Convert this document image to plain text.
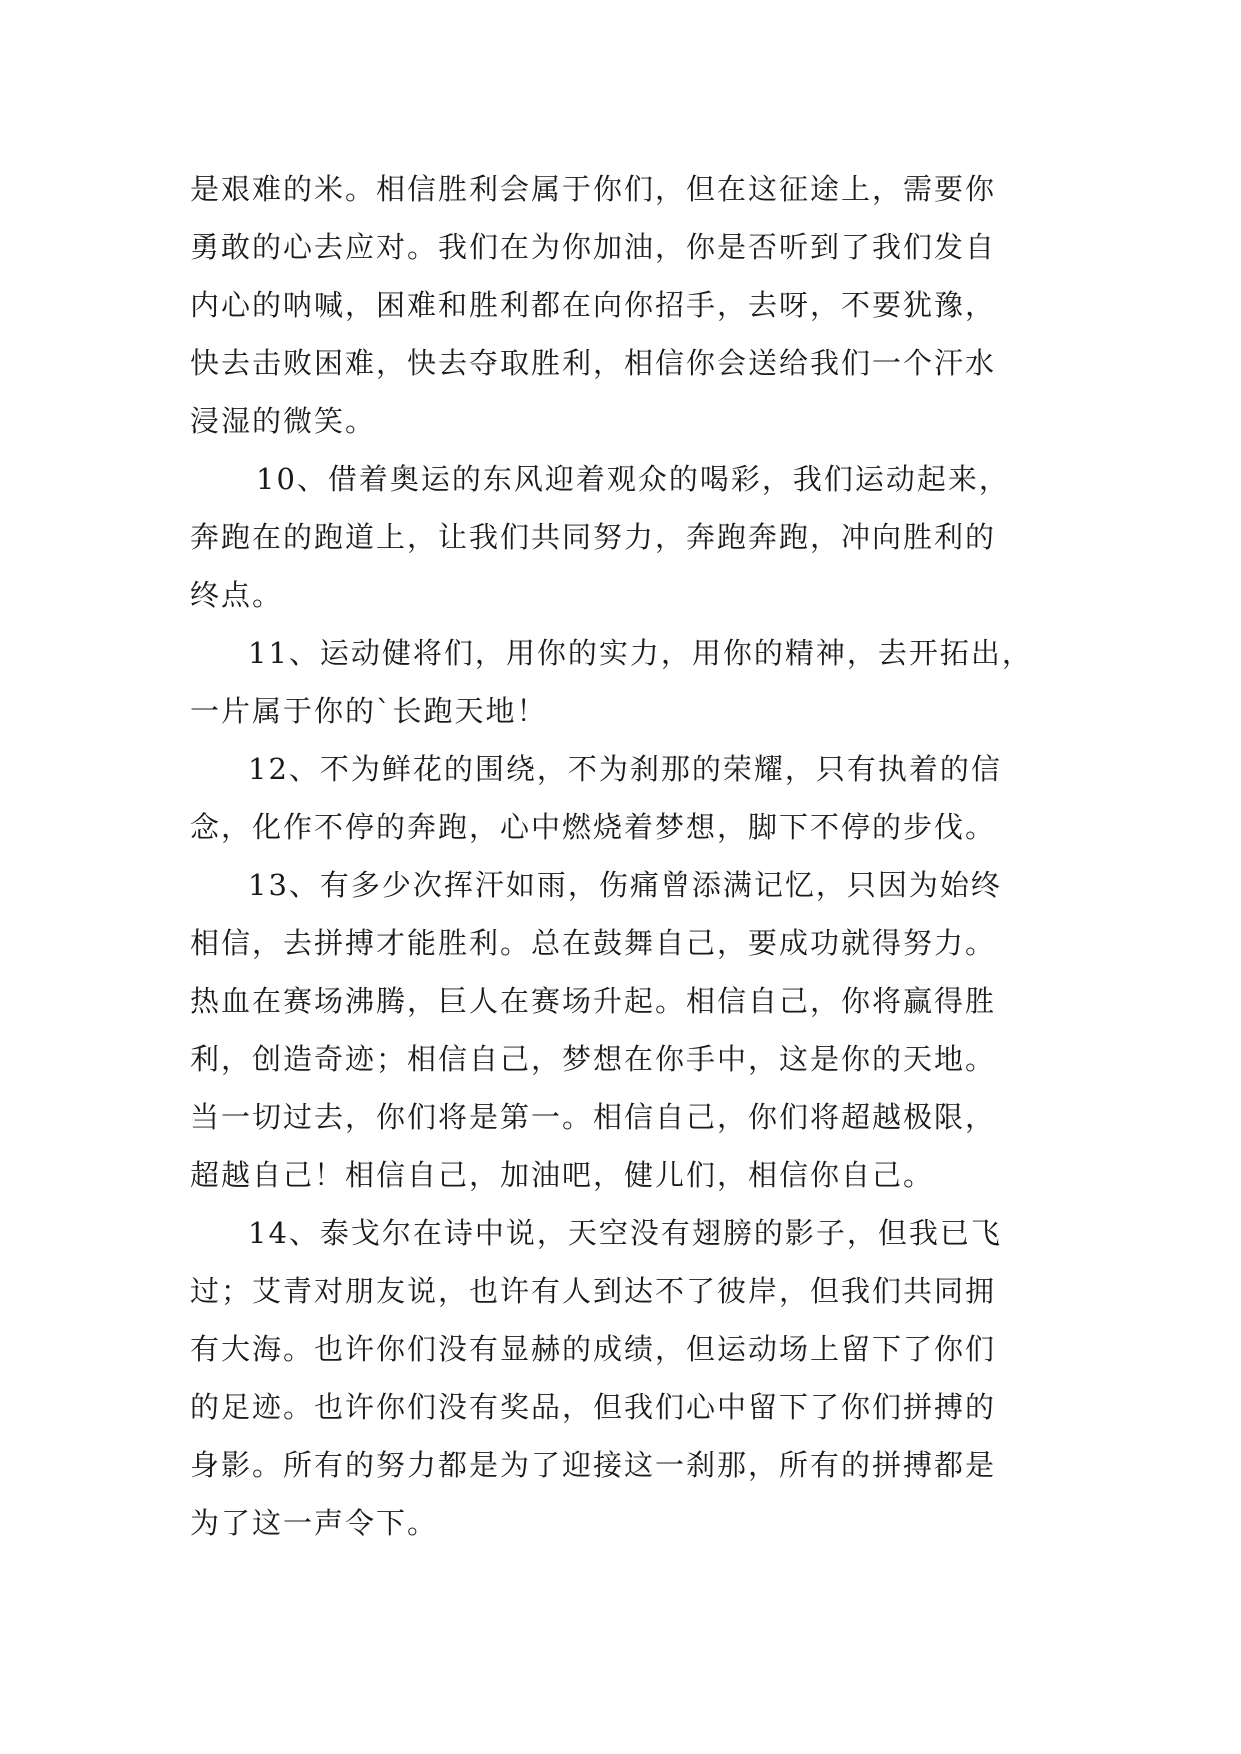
是艰难的米。相信胜利会属于你们，但在这征途上，需要你
勇敢的心去应对。我们在为你加油，你是否听到了我们发自
内心的呐喊，困难和胜利都在向你招手，去呀，不要犹豫，
快去击败困难，快去夺取胜利，相信你会送给我们一个汗水
浸湿的微笑。
10、借着奥运的东风迎着观众的喝彩，我们运动起来，
奔跑在的跑道上，让我们共同努力，奔跑奔跑，冲向胜利的
终点。
11、运动健将们，用你的实力，用你的精神，去开拓出，
一片属于你的`长跑天地！
12、不为鲜花的围绕，不为刹那的荣耀，只有执着的信
念，化作不停的奔跑，心中燃烧着梦想，脚下不停的步伐。
13、有多少次挥汗如雨，伤痛曾添满记忆，只因为始终
相信，去拼搏才能胜利。总在鼓舞自己，要成功就得努力。
热血在赛场沸腾，巨人在赛场升起。相信自己，你将赢得胜
利，创造奇迹；相信自己，梦想在你手中，这是你的天地。
当一切过去，你们将是第一。相信自己，你们将超越极限，
超越自己！相信自己，加油吧，健儿们，相信你自己。
14、泰戈尔在诗中说，天空没有翅膀的影子，但我已飞
过；艾青对朋友说，也许有人到达不了彼岸，但我们共同拥
有大海。也许你们没有显赫的成绩，但运动场上留下了你们
的足迹。也许你们没有奖品，但我们心中留下了你们拼搏的
身影。所有的努力都是为了迎接这一刹那，所有的拼搏都是
为了这一声令下。
